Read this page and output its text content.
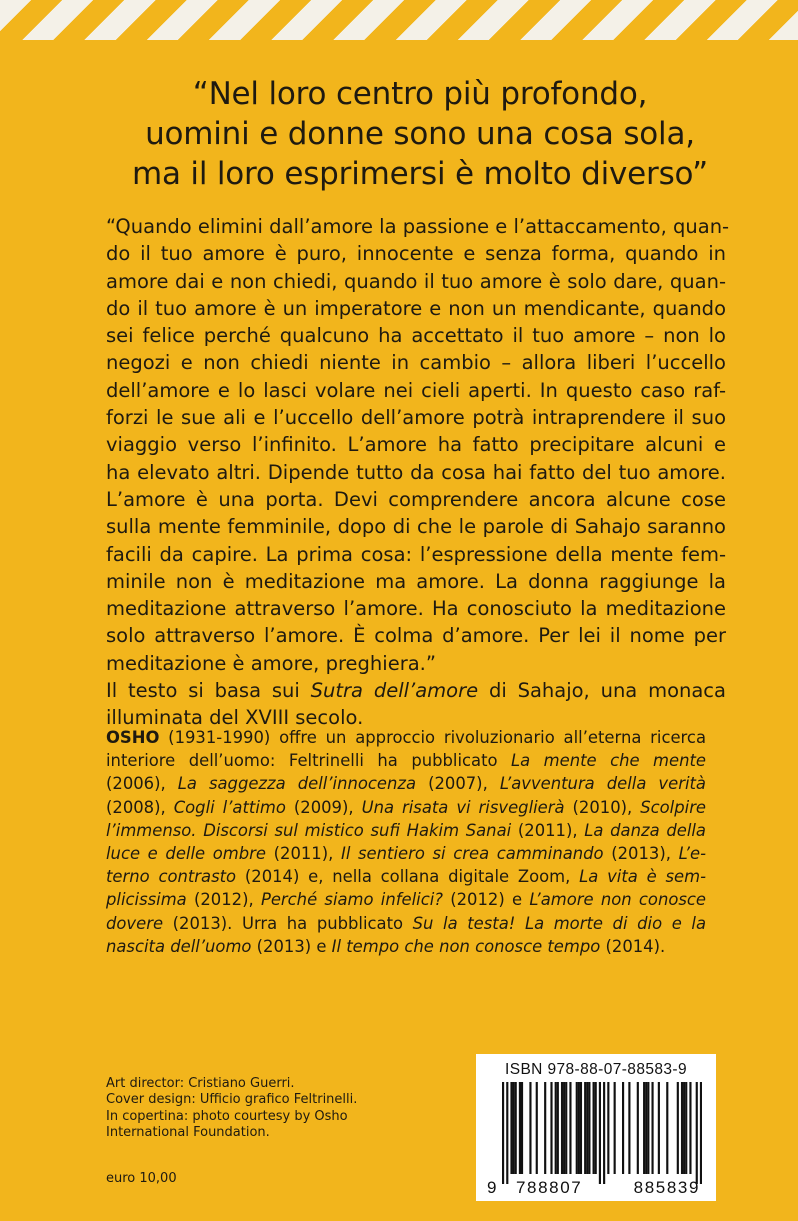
“Nel loro centro più profondo,
uomini e donne sono una cosa sola,
ma il loro esprimersi è molto diverso”
“Quando elimini dall’amore la passione e l’attaccamento, quan-
do il tuo amore è puro, innocente e senza forma, quando in
amore dai e non chiedi, quando il tuo amore è solo dare, quan-
do il tuo amore è un imperatore e non un mendicante, quando
sei felice perché qualcuno ha accettato il tuo amore – non lo
negozi e non chiedi niente in cambio – allora liberi l’uccello
dell’amore e lo lasci volare nei cieli aperti. In questo caso raf-
forzi le sue ali e l’uccello dell’amore potrà intraprendere il suo
viaggio verso l’infinito. L’amore ha fatto precipitare alcuni e
ha elevato altri. Dipende tutto da cosa hai fatto del tuo amore.
L’amore è una porta. Devi comprendere ancora alcune cose
sulla mente femminile, dopo di che le parole di Sahajo saranno
facili da capire. La prima cosa: l’espressione della mente fem-
minile non è meditazione ma amore. La donna raggiunge la
meditazione attraverso l’amore. Ha conosciuto la meditazione
solo attraverso l’amore. È colma d’amore. Per lei il nome per
meditazione è amore, preghiera.”
Il testo si basa sui Sutra dell’amore di Sahajo, una monaca
illuminata del XVIII secolo.
OSHO (1931-1990) offre un approccio rivoluzionario all’eterna ricerca
interiore dell’uomo: Feltrinelli ha pubblicato La mente che mente
(2006), La saggezza dell’innocenza (2007), L’avventura della verità
(2008), Cogli l’attimo (2009), Una risata vi risveglierà (2010), Scolpire
l’immenso. Discorsi sul mistico sufi Hakim Sanai (2011), La danza della
luce e delle ombre (2011), Il sentiero si crea camminando (2013), L’e-
terno contrasto (2014) e, nella collana digitale Zoom, La vita è sem-
plicissima (2012), Perché siamo infelici? (2012) e L’amore non conosce
dovere (2013). Urra ha pubblicato Su la testa! La morte di dio e la
nascita dell’uomo (2013) e Il tempo che non conosce tempo (2014).
Art director: Cristiano Guerri.
Cover design: Ufficio grafico Feltrinelli.
In copertina: photo courtesy by Osho
International Foundation.
euro 10,00
ISBN 978-88-07-88583-9
9 788807	885839
